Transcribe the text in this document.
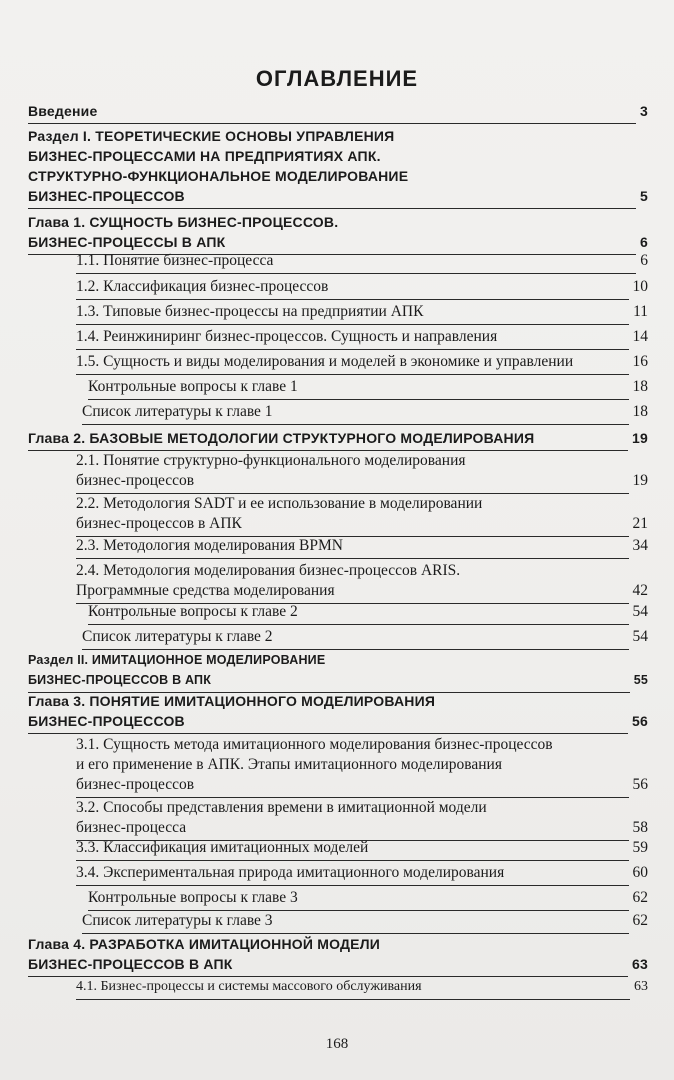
ОГЛАВЛЕНИЕ
Введение	3
Раздел I. ТЕОРЕТИЧЕСКИЕ ОСНОВЫ УПРАВЛЕНИЯ
БИЗНЕС-ПРОЦЕССАМИ НА ПРЕДПРИЯТИЯХ АПК.
СТРУКТУРНО-ФУНКЦИОНАЛЬНОЕ МОДЕЛИРОВАНИЕ
БИЗНЕС-ПРОЦЕССОВ	5
Глава 1. СУЩНОСТЬ БИЗНЕС-ПРОЦЕССОВ.
БИЗНЕС-ПРОЦЕССЫ В АПК	6
1.1. Понятие бизнес-процесса	6
1.2. Классификация бизнес-процессов	10
1.3. Типовые бизнес-процессы на предприятии АПК	11
1.4. Реинжиниринг бизнес-процессов. Сущность и направления	14
1.5. Сущность и виды моделирования и моделей в экономике и управлении	16
Контрольные вопросы к главе 1	18
Список литературы к главе 1	18
Глава 2. БАЗОВЫЕ МЕТОДОЛОГИИ СТРУКТУРНОГО МОДЕЛИРОВАНИЯ	19
2.1. Понятие структурно-функционального моделирования
бизнес-процессов	19
2.2. Методология SADT и ее использование в моделировании
бизнес-процессов в АПК	21
2.3. Методология моделирования BPMN	34
2.4. Методология моделирования бизнес-процессов ARIS.
Программные средства моделирования	42
Контрольные вопросы к главе 2	54
Список литературы к главе 2	54
Раздел II. ИМИТАЦИОННОЕ МОДЕЛИРОВАНИЕ
БИЗНЕС-ПРОЦЕССОВ В АПК	55
Глава 3. ПОНЯТИЕ ИМИТАЦИОННОГО МОДЕЛИРОВАНИЯ
БИЗНЕС-ПРОЦЕССОВ	56
3.1. Сущность метода имитационного моделирования бизнес-процессов
и его применение в АПК. Этапы имитационного моделирования
бизнес-процессов	56
3.2. Способы представления времени в имитационной модели
бизнес-процесса	58
3.3. Классификация имитационных моделей	59
3.4. Экспериментальная природа имитационного моделирования	60
Контрольные вопросы к главе 3	62
Список литературы к главе 3	62
Глава 4. РАЗРАБОТКА ИМИТАЦИОННОЙ МОДЕЛИ
БИЗНЕС-ПРОЦЕССОВ В АПК	63
4.1. Бизнес-процессы и системы массового обслуживания	63
168
